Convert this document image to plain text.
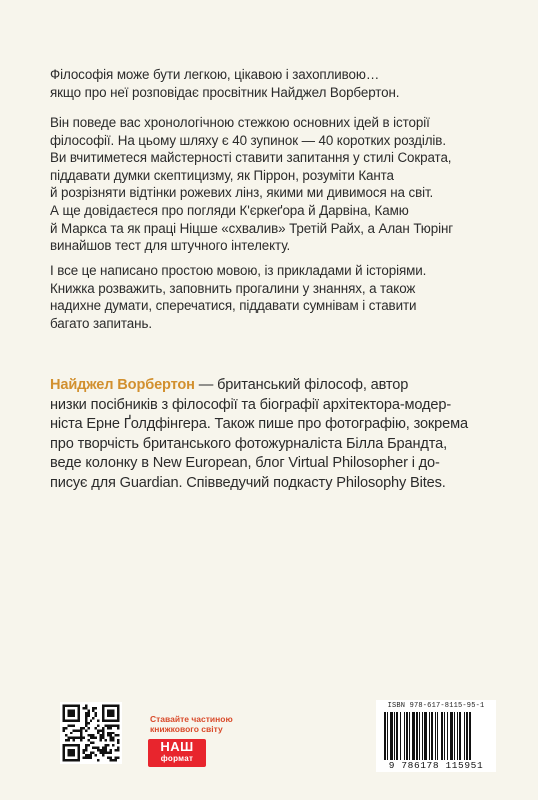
Філософія може бути легкою, цікавою і захопливою…
якщо про неї розповідає просвітник Найджел Ворбертон.

Він поведе вас хронологічною стежкою основних ідей в історії
філософії. На цьому шляху є 40 зупинок — 40 коротких розділів.
Ви вчитиметеся майстерності ставити запитання у стилі Сократа,
піддавати думки скептицизму, як Піррон, розуміти Канта
й розрізняти відтінки рожевих лінз, якими ми дивимося на світ.
А ще довідаєтеся про погляди К'єркеґора й Дарвіна, Камю
й Маркса та як праці Ніцше «схвалив» Третій Райх, а Алан Тюрінг
винайшов тест для штучного інтелекту.

І все це написано простою мовою, із прикладами й історіями.
Книжка розважить, заповнить прогалини у знаннях, а також
надихне думати, сперечатися, піддавати сумнівам і ставити
багато запитань.

Найджел Ворбертон — британський філософ, автор
низки посібників з філософії та біографії архітектора-модер-
ніста Ерне Ґолдфінгера. Також пише про фотографію, зокрема
про творчість британського фотожурналіста Білла Брандта,
веде колонку в New European, блог Virtual Philosopher і до-
писує для Guardian. Співведучий подкасту Philosophy Bites.

Ставайте частиною
книжкового світу
НАШ
формат
ISBN 978-617-8115-95-1
9 786178 115951
